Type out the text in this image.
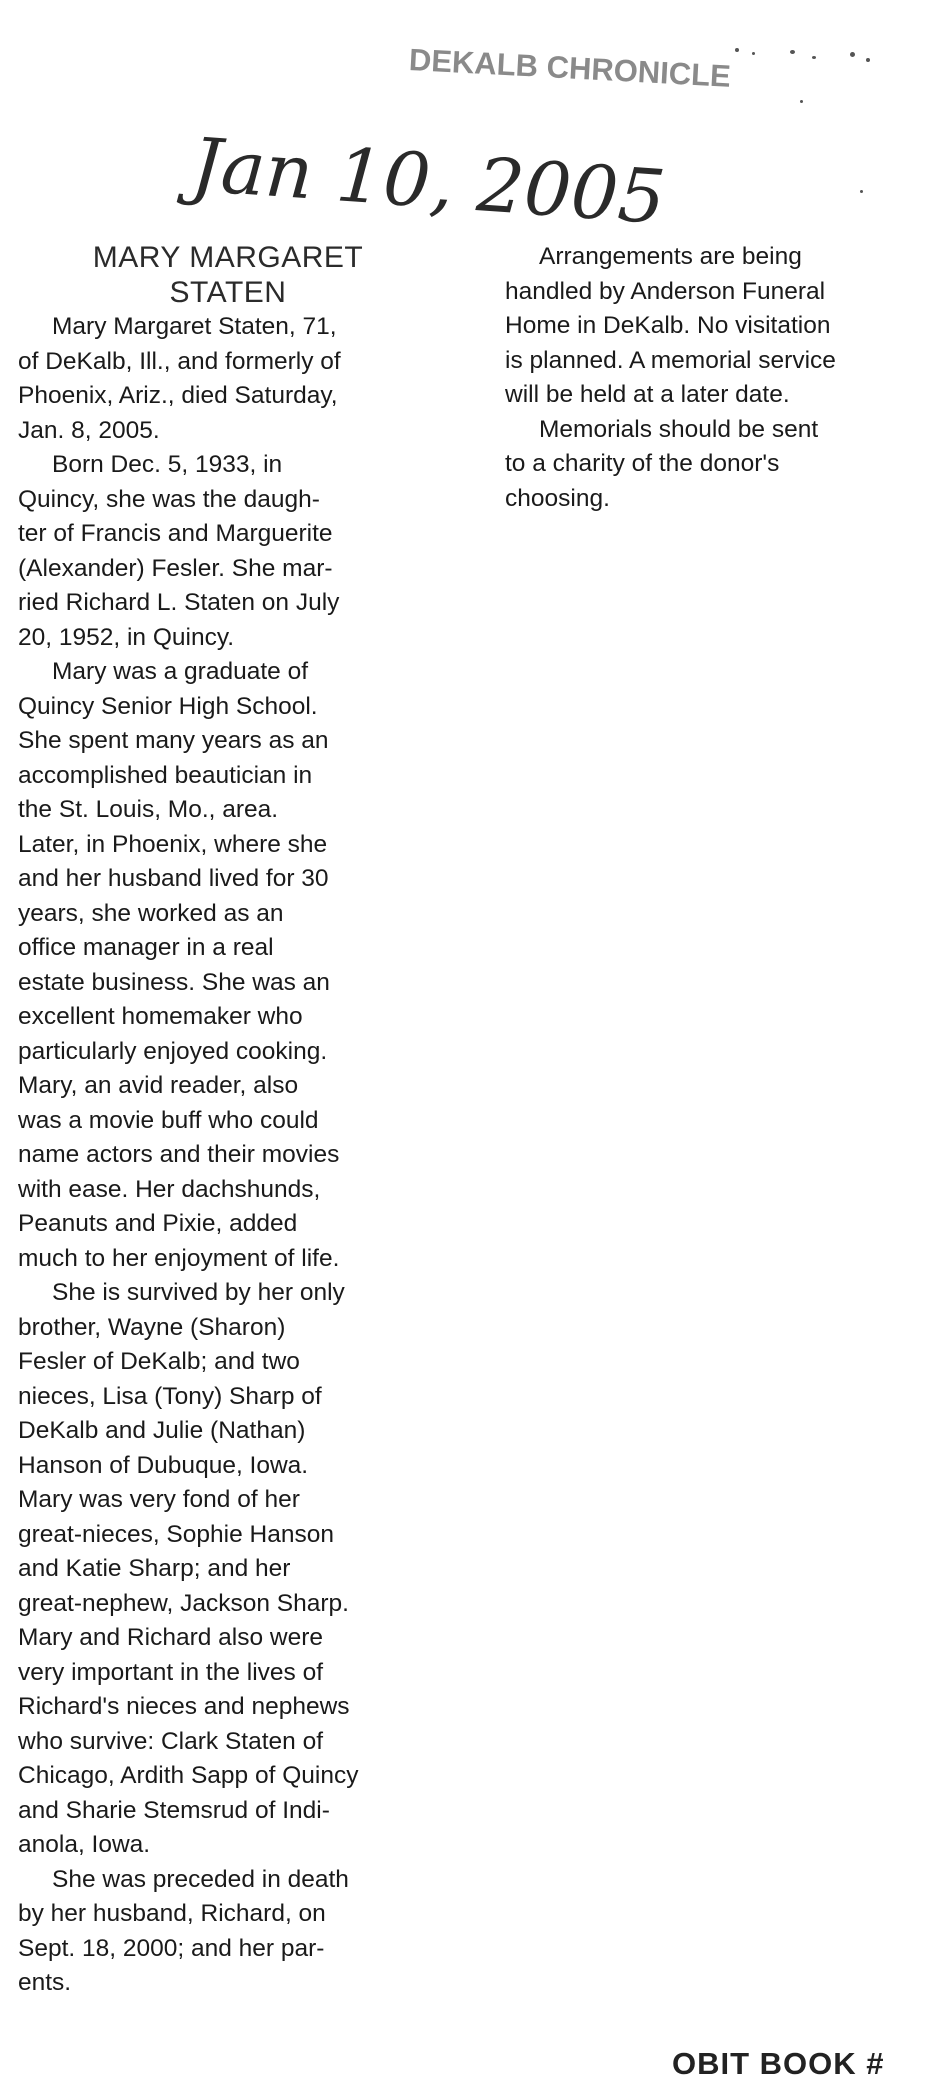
DEKALB CHRONICLE
Jan 10, 2005
MARY MARGARET
STATEN

Mary Margaret Staten, 71,
of DeKalb, Ill., and formerly of
Phoenix, Ariz., died Saturday,
Jan. 8, 2005.

Born Dec. 5, 1933, in
Quincy, she was the daugh-
ter of Francis and Marguerite
(Alexander) Fesler. She mar-
ried Richard L. Staten on July
20, 1952, in Quincy.

Mary was a graduate of
Quincy Senior High School.
She spent many years as an
accomplished beautician in
the St. Louis, Mo., area.
Later, in Phoenix, where she
and her husband lived for 30
years, she worked as an
office manager in a real
estate business. She was an
excellent homemaker who
particularly enjoyed cooking.
Mary, an avid reader, also
was a movie buff who could
name actors and their movies
with ease. Her dachshunds,
Peanuts and Pixie, added
much to her enjoyment of life.

She is survived by her only
brother, Wayne (Sharon)
Fesler of DeKalb; and two
nieces, Lisa (Tony) Sharp of
DeKalb and Julie (Nathan)
Hanson of Dubuque, Iowa.
Mary was very fond of her
great-nieces, Sophie Hanson
and Katie Sharp; and her
great-nephew, Jackson Sharp.
Mary and Richard also were
very important in the lives of
Richard's nieces and nephews
who survive: Clark Staten of
Chicago, Ardith Sapp of Quincy
and Sharie Stemsrud of Indi-
anola, Iowa.

She was preceded in death
by her husband, Richard, on
Sept. 18, 2000; and her par-
ents.

Arrangements are being
handled by Anderson Funeral
Home in DeKalb. No visitation
is planned. A memorial service
will be held at a later date.

Memorials should be sent
to a charity of the donor's
choosing.

OBIT BOOK #
